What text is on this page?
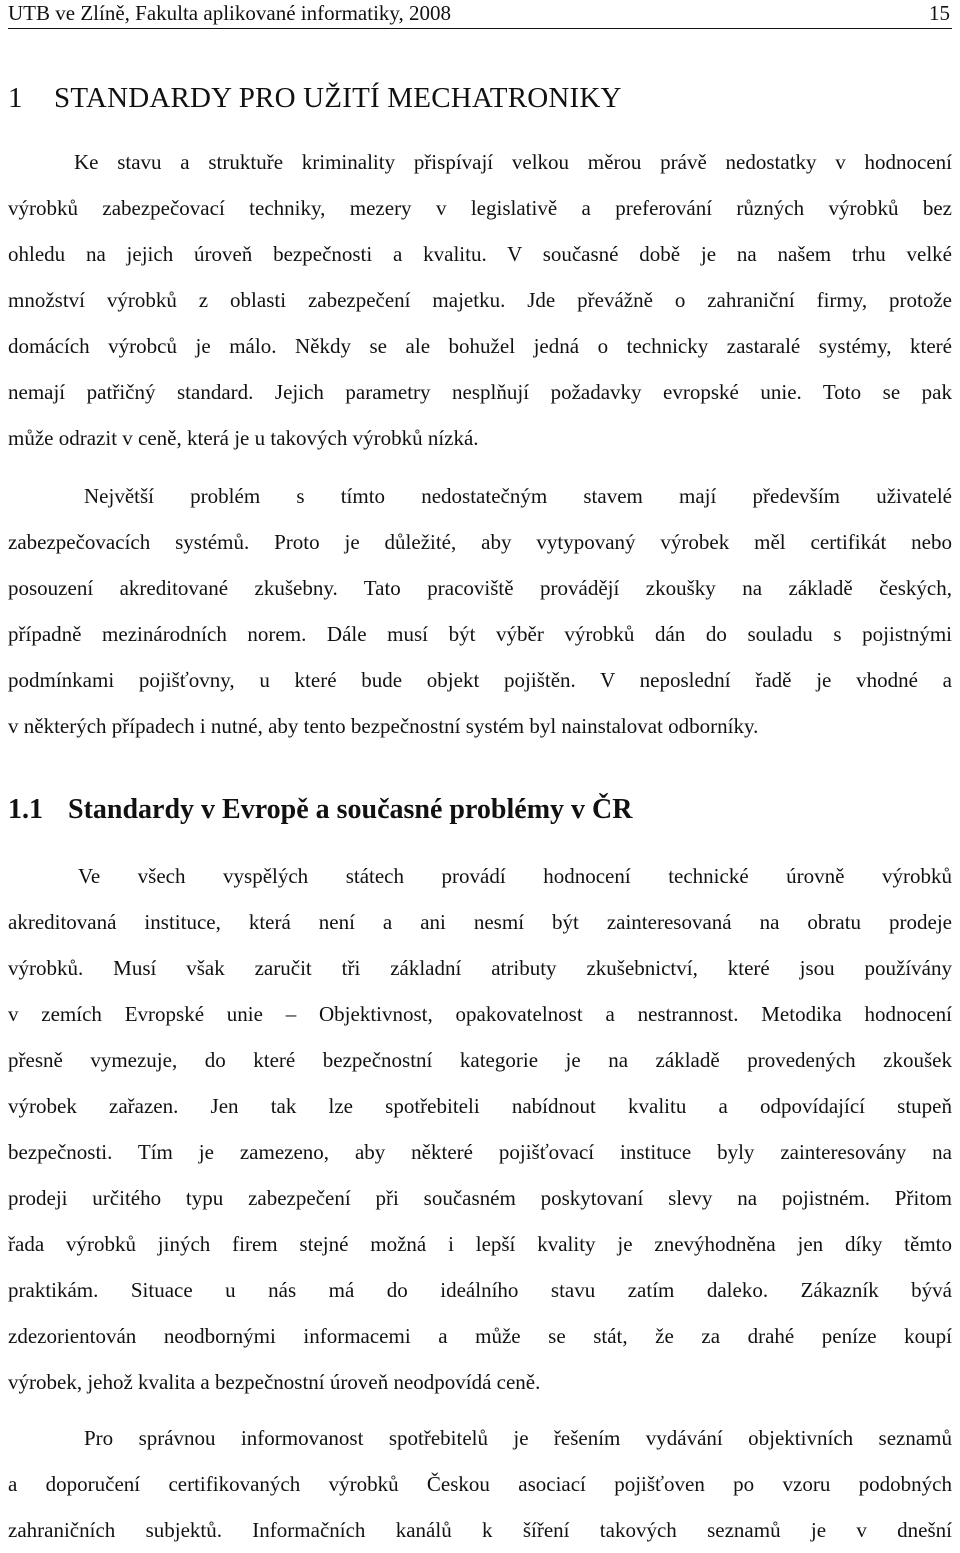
UTB ve Zlíně, Fakulta aplikované informatiky, 2008	15
1 STANDARDY PRO UŽITÍ MECHATRONIKY
Ke stavu a struktuře kriminality přispívají velkou měrou právě nedostatky v hodnocení
výrobků zabezpečovací techniky, mezery v legislativě a preferování různých výrobků bez
ohledu na jejich úroveň bezpečnosti a kvalitu. V současné době je na našem trhu velké
množství výrobků z oblasti zabezpečení majetku. Jde převážně o zahraniční firmy, protože
domácích výrobců je málo. Někdy se ale bohužel jedná o technicky zastaralé systémy, které
nemají patřičný standard. Jejich parametry nesplňují požadavky evropské unie. Toto se pak
může odrazit v ceně, která je u takových výrobků nízká.
Největší problém s tímto nedostatečným stavem mají především uživatelé
zabezpečovacích systémů. Proto je důležité, aby vytypovaný výrobek měl certifikát nebo
posouzení akreditované zkušebny. Tato pracoviště provádějí zkoušky na základě českých,
případně mezinárodních norem. Dále musí být výběr výrobků dán do souladu s pojistnými
podmínkami pojišťovny, u které bude objekt pojištěn. V neposlední řadě je vhodné a
v některých případech i nutné, aby tento bezpečnostní systém byl nainstalovat odborníky.
1.1 Standardy v Evropě a současné problémy v ČR
Ve všech vyspělých státech provádí hodnocení technické úrovně výrobků
akreditovaná instituce, která není a ani nesmí být zainteresovaná na obratu prodeje
výrobků. Musí však zaručit tři základní atributy zkušebnictví, které jsou používány
v zemích Evropské unie – Objektivnost, opakovatelnost a nestrannost. Metodika hodnocení
přesně vymezuje, do které bezpečnostní kategorie je na základě provedených zkoušek
výrobek zařazen. Jen tak lze spotřebiteli nabídnout kvalitu a odpovídající stupeň
bezpečnosti. Tím je zamezeno, aby některé pojišťovací instituce byly zainteresovány na
prodeji určitého typu zabezpečení při současném poskytovaní slevy na pojistném. Přitom
řada výrobků jiných firem stejné možná i lepší kvality je znevýhodněna jen díky těmto
praktikám. Situace u nás má do ideálního stavu zatím daleko. Zákazník bývá
zdezorientován neodbornými informacemi a může se stát, že za drahé peníze koupí
výrobek, jehož kvalita a bezpečnostní úroveň neodpovídá ceně.
Pro správnou informovanost spotřebitelů je řešením vydávání objektivních seznamů
a doporučení certifikovaných výrobků Českou asociací pojišťoven po vzoru podobných
zahraničních subjektů. Informačních kanálů k šíření takových seznamů je v dnešní
